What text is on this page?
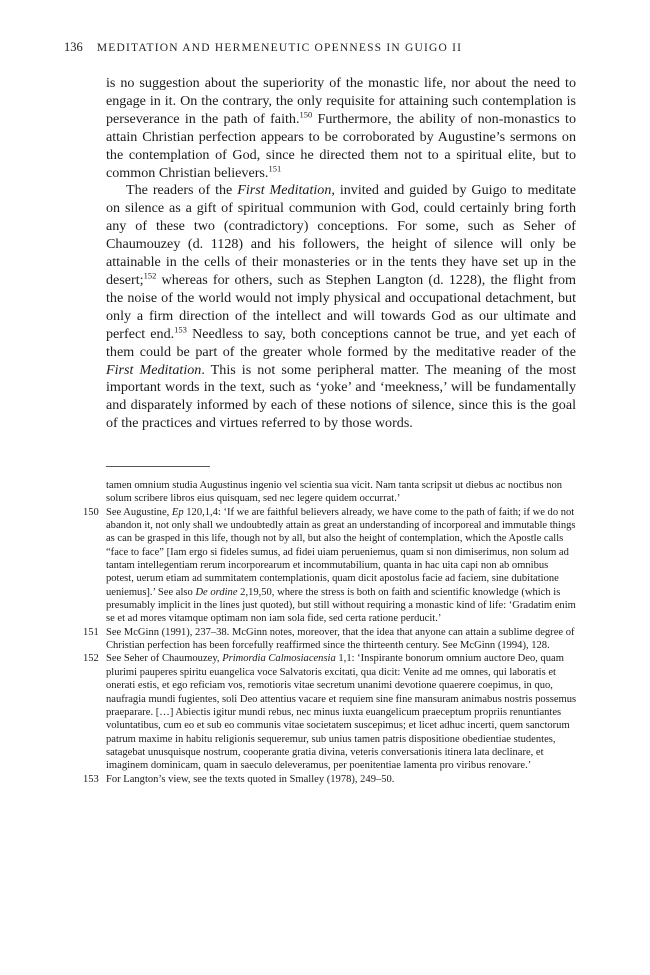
136 MEDITATION AND HERMENEUTIC OPENNESS IN GUIGO II

is no suggestion about the superiority of the monastic life, nor about the need to engage in it. On the contrary, the only requisite for attaining such contemplation is perseverance in the path of faith.$^{150}$ Furthermore, the ability of non-monastics to attain Christian perfection appears to be corroborated by Augustine’s sermons on the contemplation of God, since he directed them not to a spiritual elite, but to common Christian believers.$^{151}$

The readers of the First Meditation, invited and guided by Guigo to meditate on silence as a gift of spiritual communion with God, could certainly bring forth any of these two (contradictory) conceptions. For some, such as Seher of Chaumouzey (d. 1128) and his followers, the height of silence will only be attainable in the cells of their monasteries or in the tents they have set up in the desert;$^{152}$ whereas for others, such as Stephen Langton (d. 1228), the flight from the noise of the world would not imply physical and occupational detachment, but only a firm direction of the intellect and will towards God as our ultimate and perfect end.$^{153}$ Needless to say, both conceptions cannot be true, and yet each of them could be part of the greater whole formed by the meditative reader of the First Meditation. This is not some peripheral matter. The meaning of the most important words in the text, such as ‘yoke’ and ‘meekness,’ will be fundamentally and disparately informed by each of these notions of silence, since this is the goal of the practices and virtues referred to by those words.

tamen omnium studia Augustinus ingenio vel scientia sua vicit. Nam tanta scripsit ut diebus ac noctibus non solum scribere libros eius quisquam, sed nec legere quidem occurrat.’

150 See Augustine, Ep 120,1,4: ‘If we are faithful believers already, we have come to the path of faith; if we do not abandon it, not only shall we undoubtedly attain as great an understanding of incorporeal and immutable things as can be grasped in this life, though not by all, but also the height of contemplation, which the Apostle calls “face to face” [Iam ergo si fideles sumus, ad fidei uiam perueniemus, quam si non dimiserimus, non solum ad tantam intellegentiam rerum incorporearum et incommutabilium, quanta in hac uita capi non ab omnibus potest, uerum etiam ad summitatem contemplationis, quam dicit apostolus facie ad faciem, sine dubitatione ueniemus].’ See also De ordine 2,19,50, where the stress is both on faith and scientific knowledge (which is presumably implicit in the lines just quoted), but still without requiring a monastic kind of life: ‘Gradatim enim se et ad mores vitamque optimam non iam sola fide, sed certa ratione perducit.’

151 See McGinn (1991), 237–38. McGinn notes, moreover, that the idea that anyone can attain a sublime degree of Christian perfection has been forcefully reaffirmed since the thirteenth century. See McGinn (1994), 128.

152 See Seher of Chaumouzey, Primordia Calmosiacensia 1,1: ‘Inspirante bonorum omnium auctore Deo, quam plurimi pauperes spiritu euangelica voce Salvatoris excitati, qua dicit: Venite ad me omnes, qui laboratis et onerati estis, et ego reficiam vos, remotioris vitae secretum unanimi devotione quaerere coepimus, in quo, naufragia mundi fugientes, soli Deo attentius vacare et requiem sine fine mansuram animabus nostris possemus praeparare. […] Abiectis igitur mundi rebus, nec minus iuxta euangelicum praeceptum propriis renuntiantes voluntatibus, cum eo et sub eo communis vitae societatem suscepimus; et licet adhuc incerti, quem sanctorum patrum maxime in habitu religionis sequeremur, sub unius tamen patris dispositione obedientiae studentes, satagebat unusquisque nostrum, cooperante gratia divina, veteris conversationis itinera lata declinare, et imaginem dominicam, quam in saeculo deleveramus, per poenitentiae lamenta pro viribus renovare.’

153 For Langton’s view, see the texts quoted in Smalley (1978), 249–50.
